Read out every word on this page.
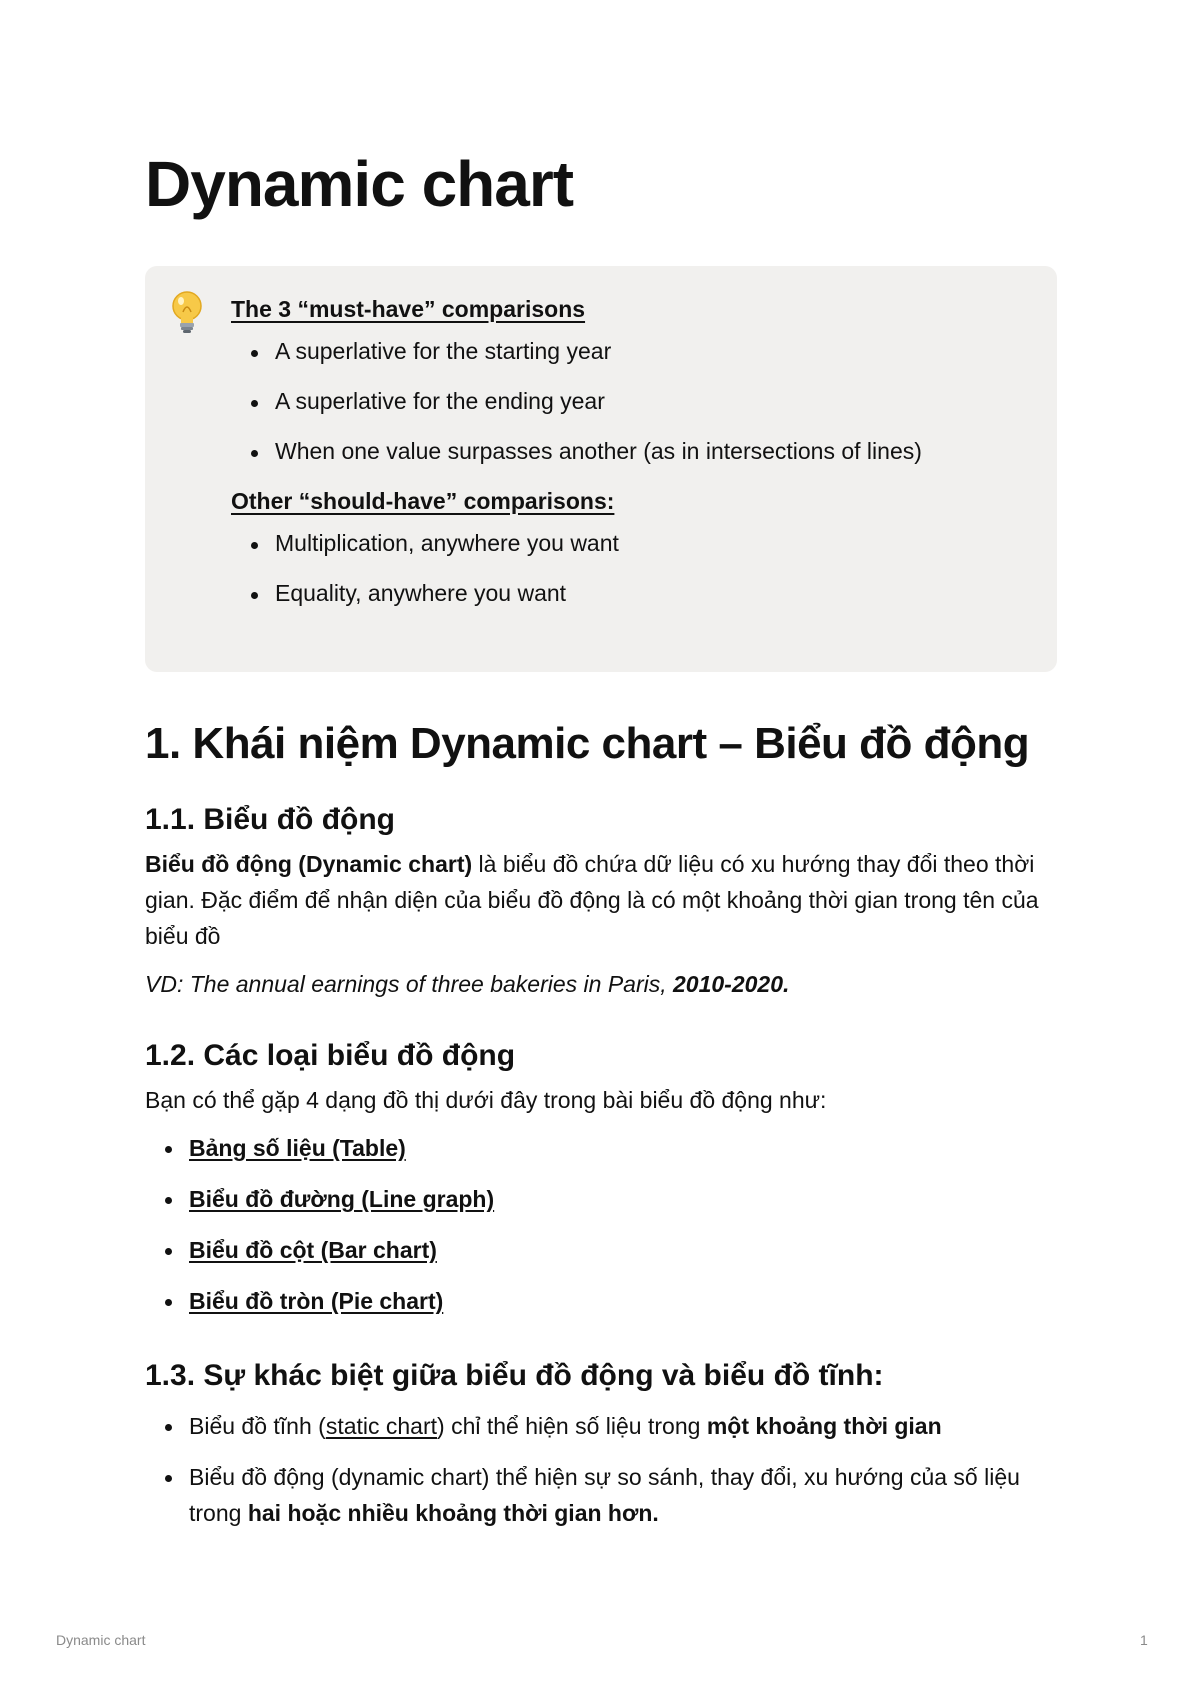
Dynamic chart

The 3 “must-have” comparisons

A superlative for the starting year
A superlative for the ending year
When one value surpasses another (as in intersections of lines)

Other “should-have” comparisons:

Multiplication, anywhere you want
Equality, anywhere you want
1. Khái niệm Dynamic chart – Biểu đồ động
1.1. Biểu đồ động

Biểu đồ động (Dynamic chart) là biểu đồ chứa dữ liệu có xu hướng thay đổi theo thời gian. Đặc điểm để nhận diện của biểu đồ động là có một khoảng thời gian trong tên của biểu đồ

VD: The annual earnings of three bakeries in Paris, 2010-2020.

1.2. Các loại biểu đồ động

Bạn có thể gặp 4 dạng đồ thị dưới đây trong bài biểu đồ động như:

Bảng số liệu (Table)
Biểu đồ đường (Line graph)
Biểu đồ cột (Bar chart)
Biểu đồ tròn (Pie chart)
1.3. Sự khác biệt giữa biểu đồ động và biểu đồ tĩnh:
Biểu đồ tĩnh (static chart) chỉ thể hiện số liệu trong một khoảng thời gian
Biểu đồ động (dynamic chart) thể hiện sự so sánh, thay đổi, xu hướng của số liệu trong hai hoặc nhiều khoảng thời gian hơn.
Dynamic chart	1
